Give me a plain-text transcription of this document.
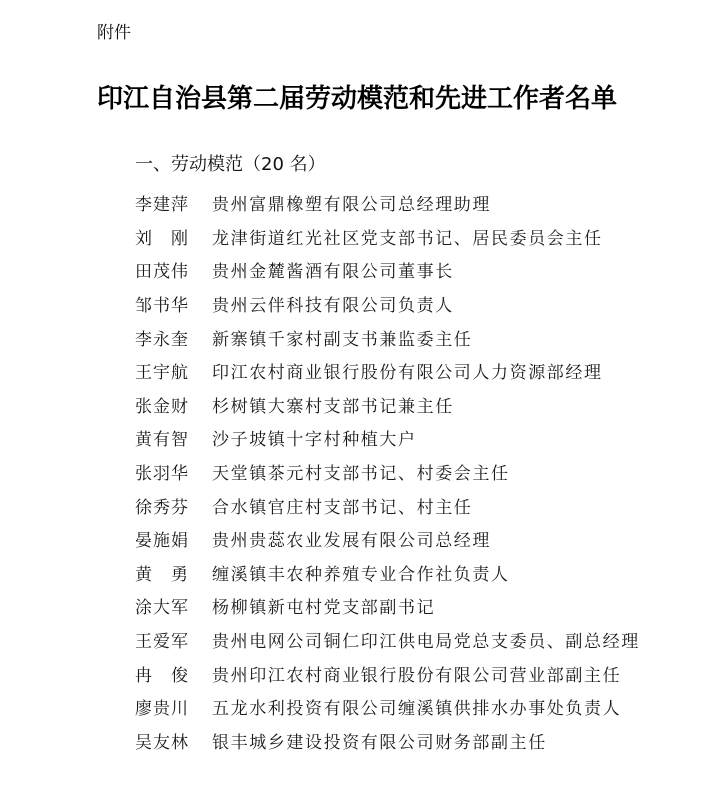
附件
印江自治县第二届劳动模范和先进工作者名单
一、劳动模范（20 名）
李建萍	贵州富鼎橡塑有限公司总经理助理
刘　刚	龙津街道红光社区党支部书记、居民委员会主任
田茂伟	贵州金麓酱酒有限公司董事长
邹书华	贵州云伴科技有限公司负责人
李永奎	新寨镇千家村副支书兼监委主任
王宇航	印江农村商业银行股份有限公司人力资源部经理
张金财	杉树镇大寨村支部书记兼主任
黄有智	沙子坡镇十字村种植大户
张羽华	天堂镇茶元村支部书记、村委会主任
徐秀芬	合水镇官庄村支部书记、村主任
晏施娟	贵州贵蕊农业发展有限公司总经理
黄　勇	缠溪镇丰农种养殖专业合作社负责人
涂大军	杨柳镇新屯村党支部副书记
王爱军	贵州电网公司铜仁印江供电局党总支委员、副总经理
冉　俊	贵州印江农村商业银行股份有限公司营业部副主任
廖贵川	五龙水利投资有限公司缠溪镇供排水办事处负责人
吴友林	银丰城乡建设投资有限公司财务部副主任
